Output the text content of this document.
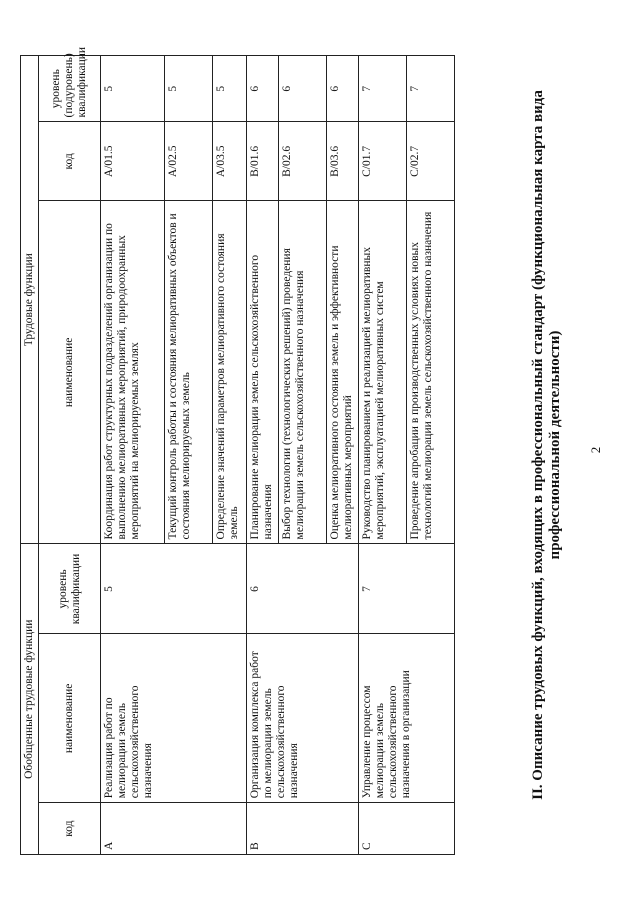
2
II. Описание трудовых функций, входящих в профессиональный стандарт (функциональная карта вида профессиональной деятельности)
Обобщенные трудовые функции			Трудовые функции		
код	наименование	уровень квалификации	наименование	код	уровень (подуровень) квалификации
A	Реализация работ по мелиорации земель сельскохозяйственного назначения	5	Координация работ структурных подразделений организации по выполнению мелиоративных мероприятий, природоохранных мероприятий на мелиорируемых землях	A/01.5	5
			Текущий контроль работы и состояния мелиоративных объектов и состояния мелиорируемых земель	A/02.5	5
			Определение значений параметров мелиоративного состояния земель	A/03.5	5
B	Организация комплекса работ по мелиорации земель сельскохозяйственного назначения	6	Планирование мелиорации земель сельскохозяйственного назначения	B/01.6	6
			Выбор технологии (технологических решений) проведения мелиорации земель сельскохозяйственного назначения	B/02.6	6
			Оценка мелиоративного состояния земель и эффективности мелиоративных мероприятий	B/03.6	6
C	Управление процессом мелиорации земель сельскохозяйственного назначения в организации	7	Руководство планированием и реализацией мелиоративных мероприятий, эксплуатацией мелиоративных систем	C/01.7	7
			Проведение апробации в производственных условиях новых технологий мелиорации земель сельскохозяйственного назначения	C/02.7	7
